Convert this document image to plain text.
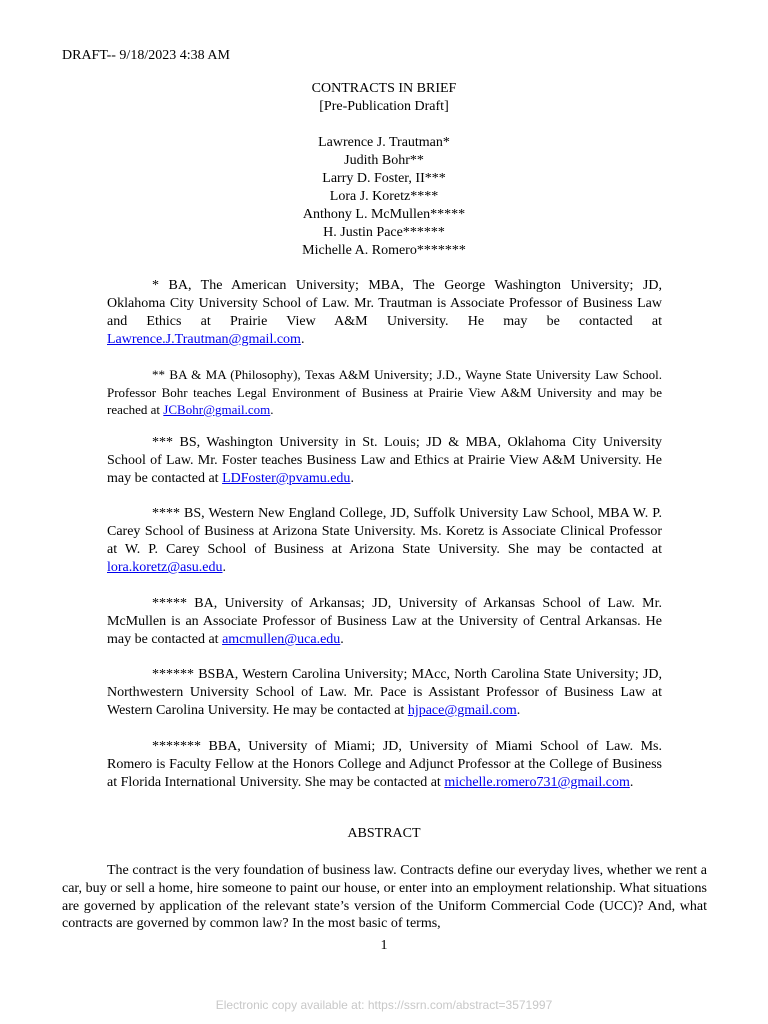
DRAFT-- 9/18/2023 4:38 AM
CONTRACTS IN BRIEF
[Pre-Publication Draft]
Lawrence J. Trautman*
Judith Bohr**
Larry D. Foster, II***
Lora J. Koretz****
Anthony L. McMullen*****
H. Justin Pace******
Michelle A. Romero*******
* BA, The American University; MBA, The George Washington University; JD, Oklahoma City University School of Law. Mr. Trautman is Associate Professor of Business Law and Ethics at Prairie View A&M University. He may be contacted at Lawrence.J.Trautman@gmail.com.
** BA & MA (Philosophy), Texas A&M University; J.D., Wayne State University Law School. Professor Bohr teaches Legal Environment of Business at Prairie View A&M University and may be reached at JCBohr@gmail.com.
*** BS, Washington University in St. Louis; JD & MBA, Oklahoma City University School of Law. Mr. Foster teaches Business Law and Ethics at Prairie View A&M University. He may be contacted at LDFoster@pvamu.edu.
**** BS, Western New England College, JD, Suffolk University Law School, MBA W. P. Carey School of Business at Arizona State University. Ms. Koretz is Associate Clinical Professor at W. P. Carey School of Business at Arizona State University. She may be contacted at lora.koretz@asu.edu.
***** BA, University of Arkansas; JD, University of Arkansas School of Law. Mr. McMullen is an Associate Professor of Business Law at the University of Central Arkansas. He may be contacted at amcmullen@uca.edu.
****** BSBA, Western Carolina University; MAcc, North Carolina State University; JD, Northwestern University School of Law. Mr. Pace is Assistant Professor of Business Law at Western Carolina University. He may be contacted at hjpace@gmail.com.
******* BBA, University of Miami; JD, University of Miami School of Law. Ms. Romero is Faculty Fellow at the Honors College and Adjunct Professor at the College of Business at Florida International University. She may be contacted at michelle.romero731@gmail.com.
ABSTRACT
The contract is the very foundation of business law. Contracts define our everyday lives, whether we rent a car, buy or sell a home, hire someone to paint our house, or enter into an employment relationship. What situations are governed by application of the relevant state’s version of the Uniform Commercial Code (UCC)? And, what contracts are governed by common law? In the most basic of terms,
1
Electronic copy available at: https://ssrn.com/abstract=3571997
